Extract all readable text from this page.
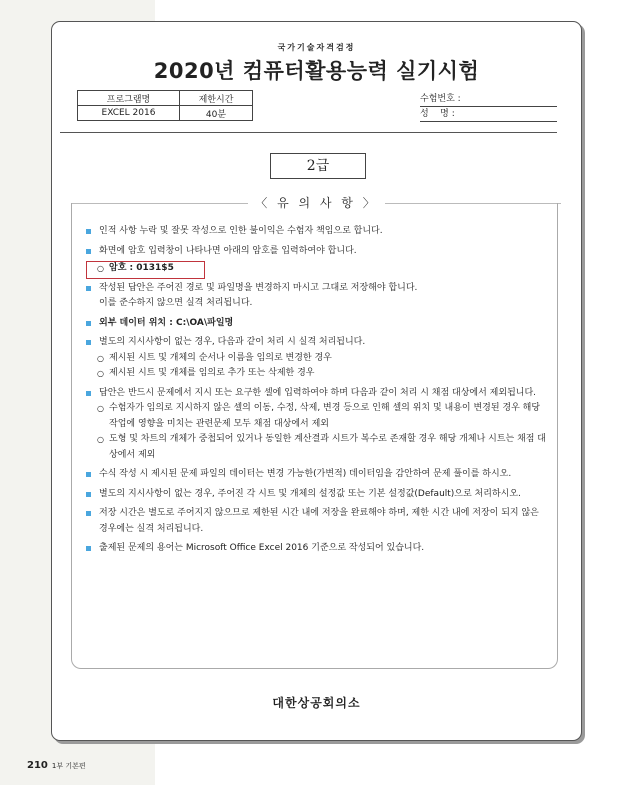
국가기술자격검정
2020년 컴퓨터활용능력 실기시험
프로그램명	제한시간
EXCEL 2016	40분
수험번호 :
성    명 :
2급
〈 유 의 사 항 〉
인적 사항 누락 및 잘못 작성으로 인한 불이익은 수험자 책임으로 합니다.
화면에 암호 입력창이 나타나면 아래의 암호를 입력하여야 합니다.
○ 암호 : 0131$5
작성된 답안은 주어진 경로 및 파일명을 변경하지 마시고 그대로 저장해야 합니다.
이를 준수하지 않으면 실격 처리됩니다.
외부 데이터 위치 : C:\OA\파일명
별도의 지시사항이 없는 경우, 다음과 같이 처리 시 실격 처리됩니다.
○ 제시된 시트 및 개체의 순서나 이름을 임의로 변경한 경우
○ 제시된 시트 및 개체를 임의로 추가 또는 삭제한 경우
답안은 반드시 문제에서 지시 또는 요구한 셀에 입력하여야 하며 다음과 같이 처리 시 채점 대상에서 제외됩니다.
○ 수험자가 임의로 지시하지 않은 셀의 이동, 수정, 삭제, 변경 등으로 인해 셀의 위치 및 내용이 변경된 경우 해당 작업에 영향을 미치는 관련문제 모두 채점 대상에서 제외
○ 도형 및 차트의 개체가 중첩되어 있거나 동일한 계산결과 시트가 복수로 존재할 경우 해당 개체나 시트는 채점 대상에서 제외
수식 작성 시 제시된 문제 파일의 데이터는 변경 가능한(가변적) 데이터임을 감안하여 문제 풀이를 하시오.
별도의 지시사항이 없는 경우, 주어진 각 시트 및 개체의 설정값 또는 기본 설정값(Default)으로 처리하시오.
저장 시간은 별도로 주어지지 않으므로 제한된 시간 내에 저장을 완료해야 하며, 제한 시간 내에 저장이 되지 않은 경우에는 실격 처리됩니다.
출제된 문제의 용어는 Microsoft Office Excel 2016 기준으로 작성되어 있습니다.
대한상공회의소
210 1부 기본편
